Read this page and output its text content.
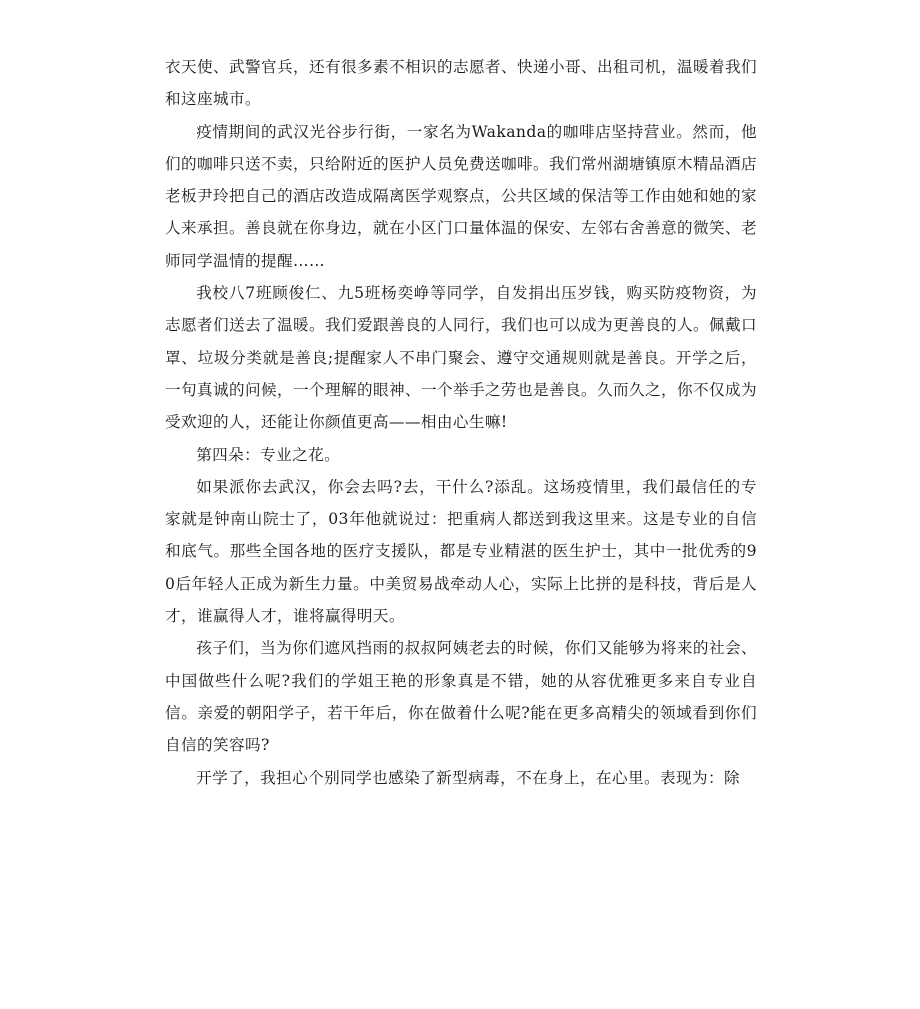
衣天使、武警官兵，还有很多素不相识的志愿者、快递小哥、出租司机，温暖着我们和这座城市。

疫情期间的武汉光谷步行街，一家名为Wakanda的咖啡店坚持营业。然而，他们的咖啡只送不卖，只给附近的医护人员免费送咖啡。我们常州湖塘镇原木精品酒店老板尹玲把自己的酒店改造成隔离医学观察点，公共区域的保洁等工作由她和她的家人来承担。善良就在你身边，就在小区门口量体温的保安、左邻右舍善意的微笑、老师同学温情的提醒……

我校八7班顾俊仁、九5班杨奕峥等同学，自发捐出压岁钱，购买防疫物资，为志愿者们送去了温暖。我们爱跟善良的人同行，我们也可以成为更善良的人。佩戴口罩、垃圾分类就是善良;提醒家人不串门聚会、遵守交通规则就是善良。开学之后，一句真诚的问候，一个理解的眼神、一个举手之劳也是善良。久而久之，你不仅成为受欢迎的人，还能让你颜值更高——相由心生嘛!

第四朵：专业之花。

如果派你去武汉，你会去吗?去，干什么?添乱。这场疫情里，我们最信任的专家就是钟南山院士了，03年他就说过：把重病人都送到我这里来。这是专业的自信和底气。那些全国各地的医疗支援队，都是专业精湛的医生护士，其中一批优秀的90后年轻人正成为新生力量。中美贸易战牵动人心，实际上比拼的是科技，背后是人才，谁赢得人才，谁将赢得明天。

孩子们，当为你们遮风挡雨的叔叔阿姨老去的时候，你们又能够为将来的社会、中国做些什么呢?我们的学姐王艳的形象真是不错，她的从容优雅更多来自专业自信。亲爱的朝阳学子，若干年后，你在做着什么呢?能在更多高精尖的领域看到你们自信的笑容吗?

开学了，我担心个别同学也感染了新型病毒，不在身上，在心里。表现为：除
